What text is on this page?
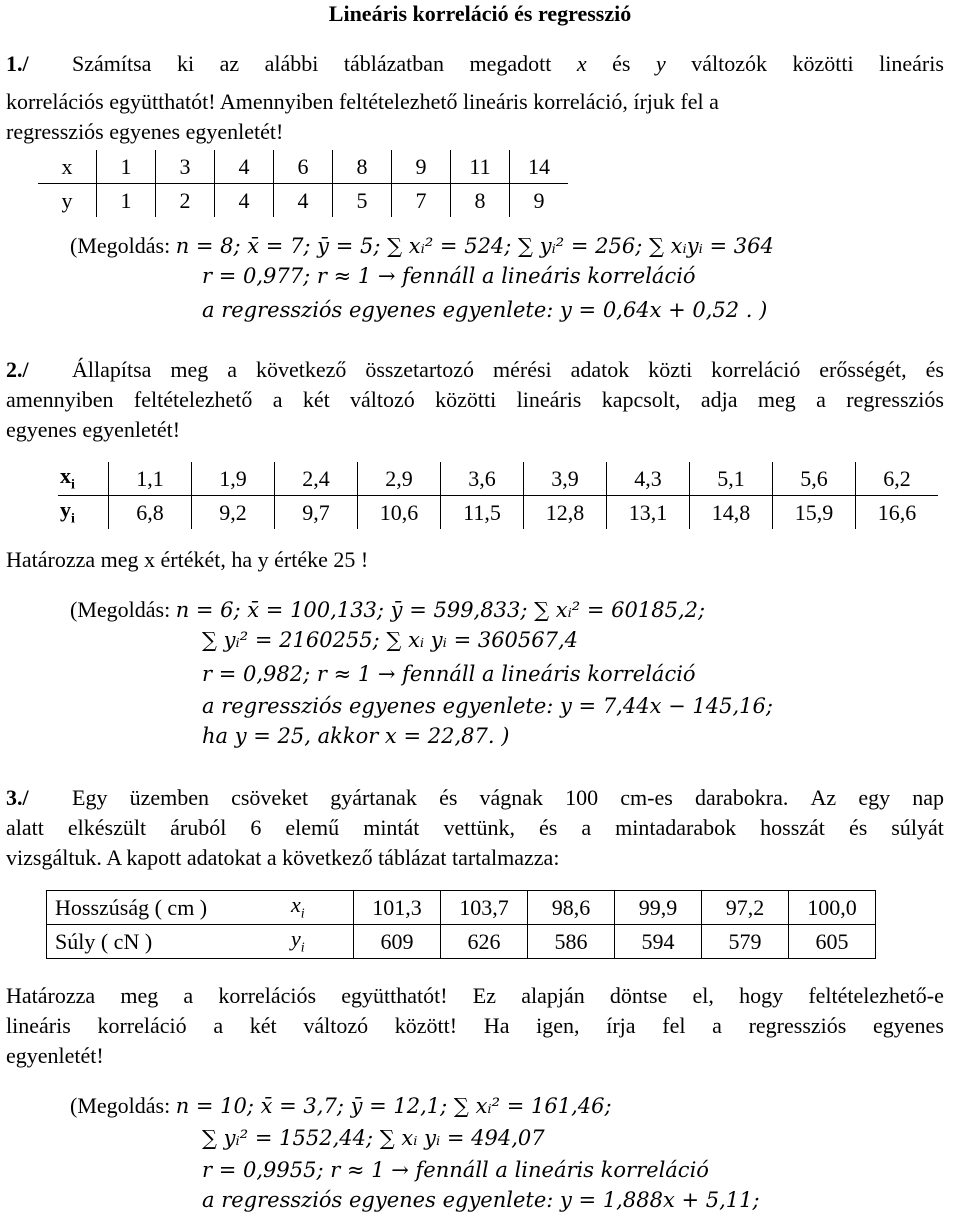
Lineáris korreláció és regresszió
1./	Számítsa ki az alábbi táblázatban megadott x és y változók közötti lineáris
korrelációs együtthatót! Amennyiben feltételezhető lineáris korreláció, írjuk fel a
regressziós egyenes egyenletét!
x	1	3	4	6	8	9	11	14
y	1	2	4	4	5	7	8	9
(Megoldás: n = 8; x̄ = 7; ȳ = 5; ∑ xᵢ² = 524; ∑ yᵢ² = 256; ∑ xᵢyᵢ = 364
r = 0,977; r ≈ 1 → fennáll a lineáris korreláció
a regressziós egyenes egyenlete: y = 0,64x + 0,52 . )
2./	Állapítsa meg a következő összetartozó mérési adatok közti korreláció erősségét, és
amennyiben feltételezhető a két változó közötti lineáris kapcsolt, adja meg a regressziós
egyenes egyenletét!
$x_i$	1,1	1,9	2,4	2,9	3,6	3,9	4,3	5,1	5,6	6,2
$y_i$	6,8	9,2	9,7	10,6	11,5	12,8	13,1	14,8	15,9	16,6
Határozza meg x értékét, ha y értéke 25 !
(Megoldás: n = 6; x̄ = 100,133; ȳ = 599,833; ∑ xᵢ² = 60185,2;
∑ yᵢ² = 2160255; ∑ xᵢ yᵢ = 360567,4
r = 0,982; r ≈ 1 → fennáll a lineáris korreláció
a regressziós egyenes egyenlete: y = 7,44x − 145,16;
ha y = 25, akkor x = 22,87. )
3./	Egy üzemben csöveket gyártanak és vágnak 100 cm-es darabokra. Az egy nap
alatt elkészült áruból 6 elemű mintát vettünk, és a mintadarabok hosszát és súlyát
vizsgáltuk. A kapott adatokat a következő táblázat tartalmazza:
Hosszúság ( cm )	$x_i$	101,3	103,7	98,6	99,9	97,2	100,0
Súly ( cN )	$y_i$	609	626	586	594	579	605
Határozza meg a korrelációs együtthatót! Ez alapján döntse el, hogy feltételezhető-e
lineáris korreláció a két változó között! Ha igen, írja fel a regressziós egyenes
egyenletét!
(Megoldás: n = 10; x̄ = 3,7; ȳ = 12,1; ∑ xᵢ² = 161,46;
∑ yᵢ² = 1552,44; ∑ xᵢ yᵢ = 494,07
r = 0,9955; r ≈ 1 → fennáll a lineáris korreláció
a regressziós egyenes egyenlete: y = 1,888x + 5,11;
